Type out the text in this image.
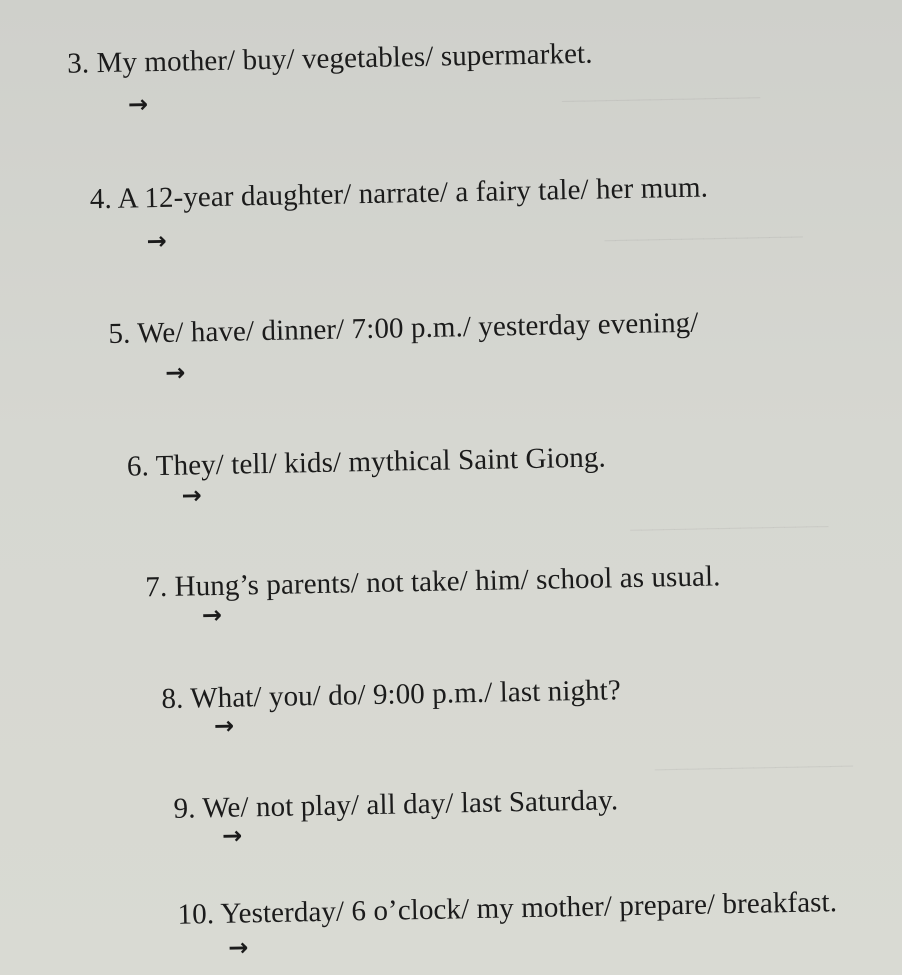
__________________
__________________
__________________
__________________
3. My mother/ buy/ vegetables/ supermarket.
→
4. A 12-year daughter/ narrate/ a fairy tale/ her mum.
→
5. We/ have/ dinner/ 7:00 p.m./ yesterday evening/
→
6. They/ tell/ kids/ mythical Saint Giong.
→
7. Hung’s parents/ not take/ him/ school as usual.
→
8. What/ you/ do/ 9:00 p.m./ last night?
→
9. We/ not play/ all day/ last Saturday.
→
10. Yesterday/ 6 o’clock/ my mother/ prepare/ breakfast.
→
